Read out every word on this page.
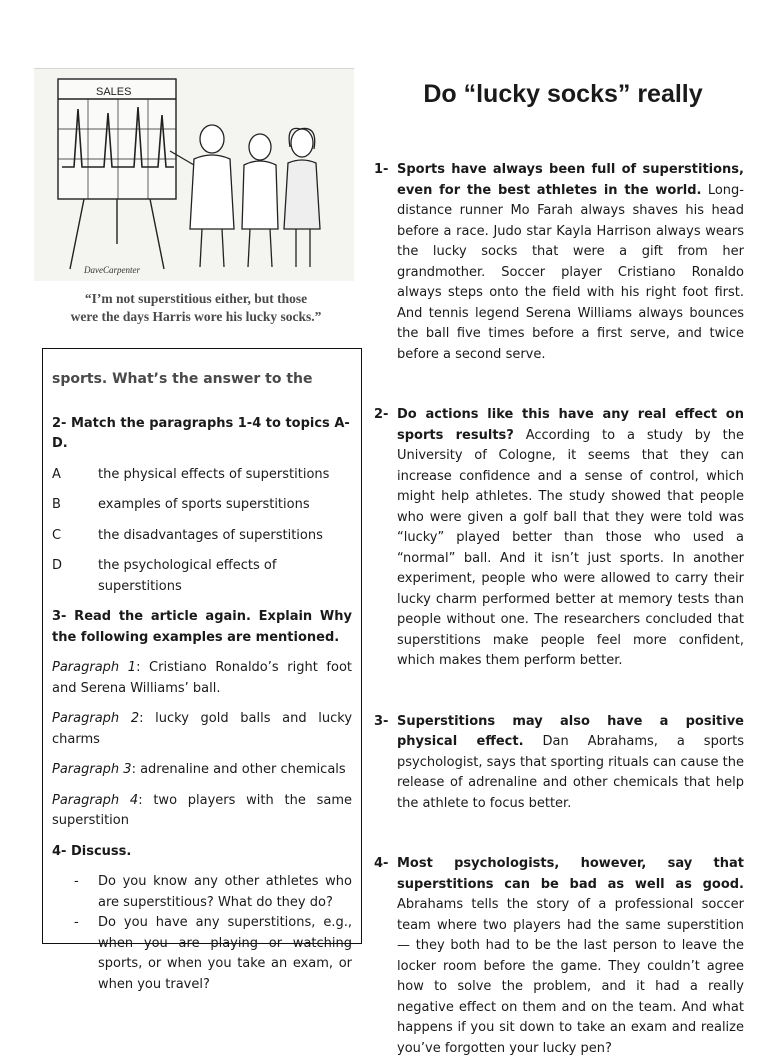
SALES
DaveCarpenter
“I’m not superstitious either, but those
were the days Harris wore his lucky socks.”
sports. What’s the answer to the

2- Match the paragraphs 1-4 to topics A-D.

A	the physical effects of superstitions
B	examples of sports superstitions
C	the disadvantages of superstitions
D	the psychological effects of superstitions

3- Read the article again. Explain Why the following examples are mentioned.

Paragraph 1: Cristiano Ronaldo’s right foot and Serena Williams’ ball.

Paragraph 2: lucky gold balls and lucky charms

Paragraph 3: adrenaline and other chemicals

Paragraph 4: two players with the same superstition

4- Discuss.

-	Do you know any other athletes who are superstitious? What do they do?
-	Do you have any superstitions, e.g., when you are playing or watching sports, or when you take an exam, or when you travel?
Do “lucky socks” really
1- Sports have always been full of superstitions, even for the best athletes in the world. Long-distance runner Mo Farah always shaves his head before a race. Judo star Kayla Harrison always wears the lucky socks that were a gift from her grandmother. Soccer player Cristiano Ronaldo always steps onto the field with his right foot first. And tennis legend Serena Williams always bounces the ball five times before a first serve, and twice before a second serve.
2- Do actions like this have any real effect on sports results? According to a study by the University of Cologne, it seems that they can increase confidence and a sense of control, which might help athletes. The study showed that people who were given a golf ball that they were told was “lucky” played better than those who used a “normal” ball. And it isn’t just sports. In another experiment, people who were allowed to carry their lucky charm performed better at memory tests than people without one. The researchers concluded that superstitions make people feel more confident, which makes them perform better.
3- Superstitions may also have a positive physical effect. Dan Abrahams, a sports psychologist, says that sporting rituals can cause the release of adrenaline and other chemicals that help the athlete to focus better.
4- Most psychologists, however, say that superstitions can be bad as well as good. Abrahams tells the story of a professional soccer team where two players had the same superstition — they both had to be the last person to leave the locker room before the game. They couldn’t agree how to solve the problem, and it had a really negative effect on them and on the team. And what happens if you sit down to take an exam and realize you’ve forgotten your lucky pen?
